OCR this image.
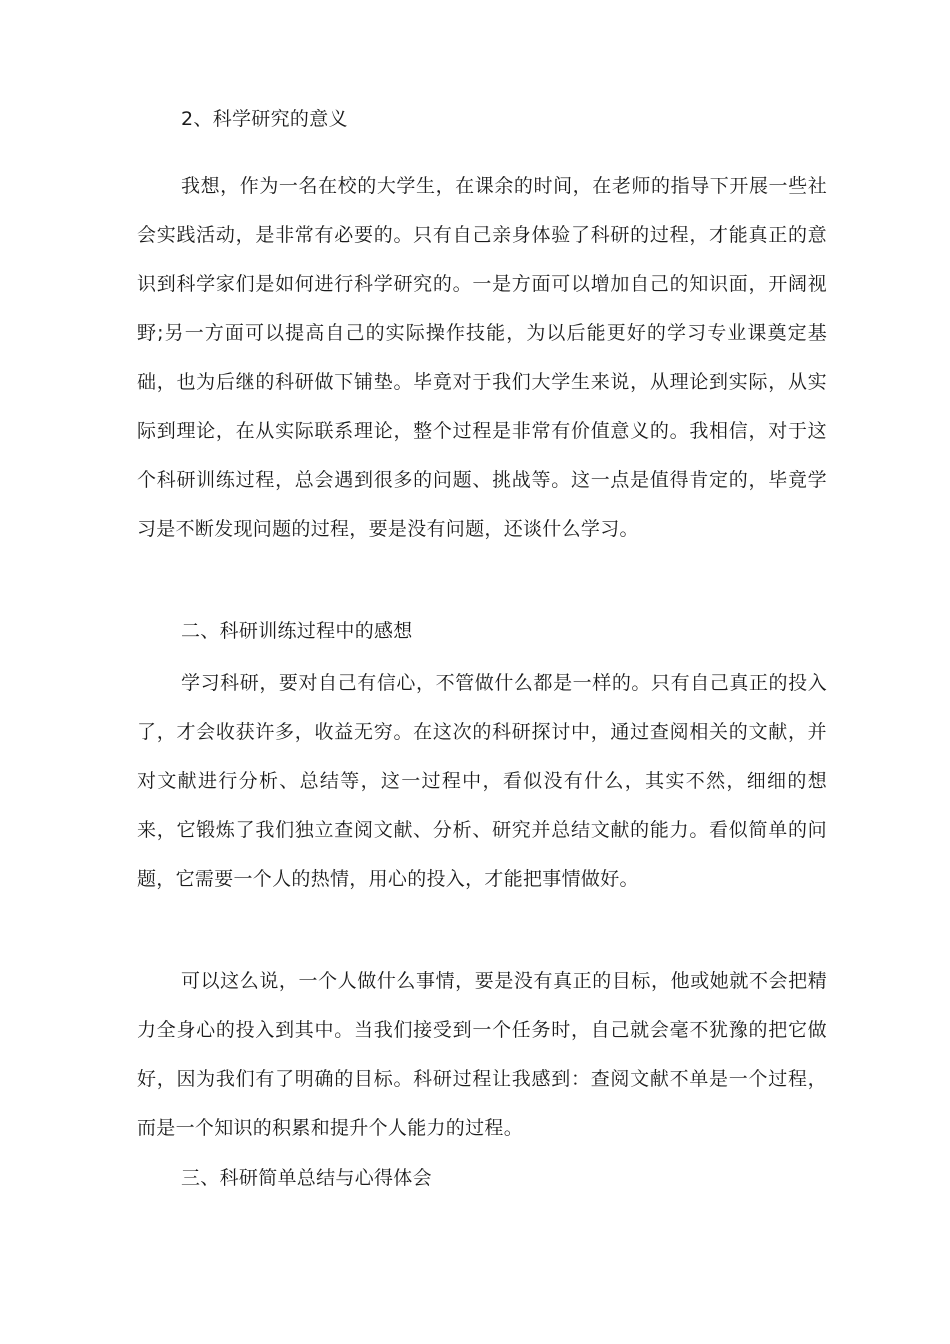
2、科学研究的意义

我想，作为一名在校的大学生，在课余的时间，在老师的指导下开展一些社会实践活动，是非常有必要的。只有自己亲身体验了科研的过程，才能真正的意识到科学家们是如何进行科学研究的。一是方面可以增加自己的知识面，开阔视野;另一方面可以提高自己的实际操作技能，为以后能更好的学习专业课奠定基础，也为后继的科研做下铺垫。毕竟对于我们大学生来说，从理论到实际，从实际到理论，在从实际联系理论，整个过程是非常有价值意义的。我相信，对于这个科研训练过程，总会遇到很多的问题、挑战等。这一点是值得肯定的，毕竟学习是不断发现问题的过程，要是没有问题，还谈什么学习。

二、科研训练过程中的感想

学习科研，要对自己有信心，不管做什么都是一样的。只有自己真正的投入了，才会收获许多，收益无穷。在这次的科研探讨中，通过查阅相关的文献，并对文献进行分析、总结等，这一过程中，看似没有什么，其实不然，细细的想来，它锻炼了我们独立查阅文献、分析、研究并总结文献的能力。看似简单的问题，它需要一个人的热情，用心的投入，才能把事情做好。

可以这么说，一个人做什么事情，要是没有真正的目标，他或她就不会把精力全身心的投入到其中。当我们接受到一个任务时，自己就会毫不犹豫的把它做好，因为我们有了明确的目标。科研过程让我感到：查阅文献不单是一个过程，而是一个知识的积累和提升个人能力的过程。

三、科研简单总结与心得体会
